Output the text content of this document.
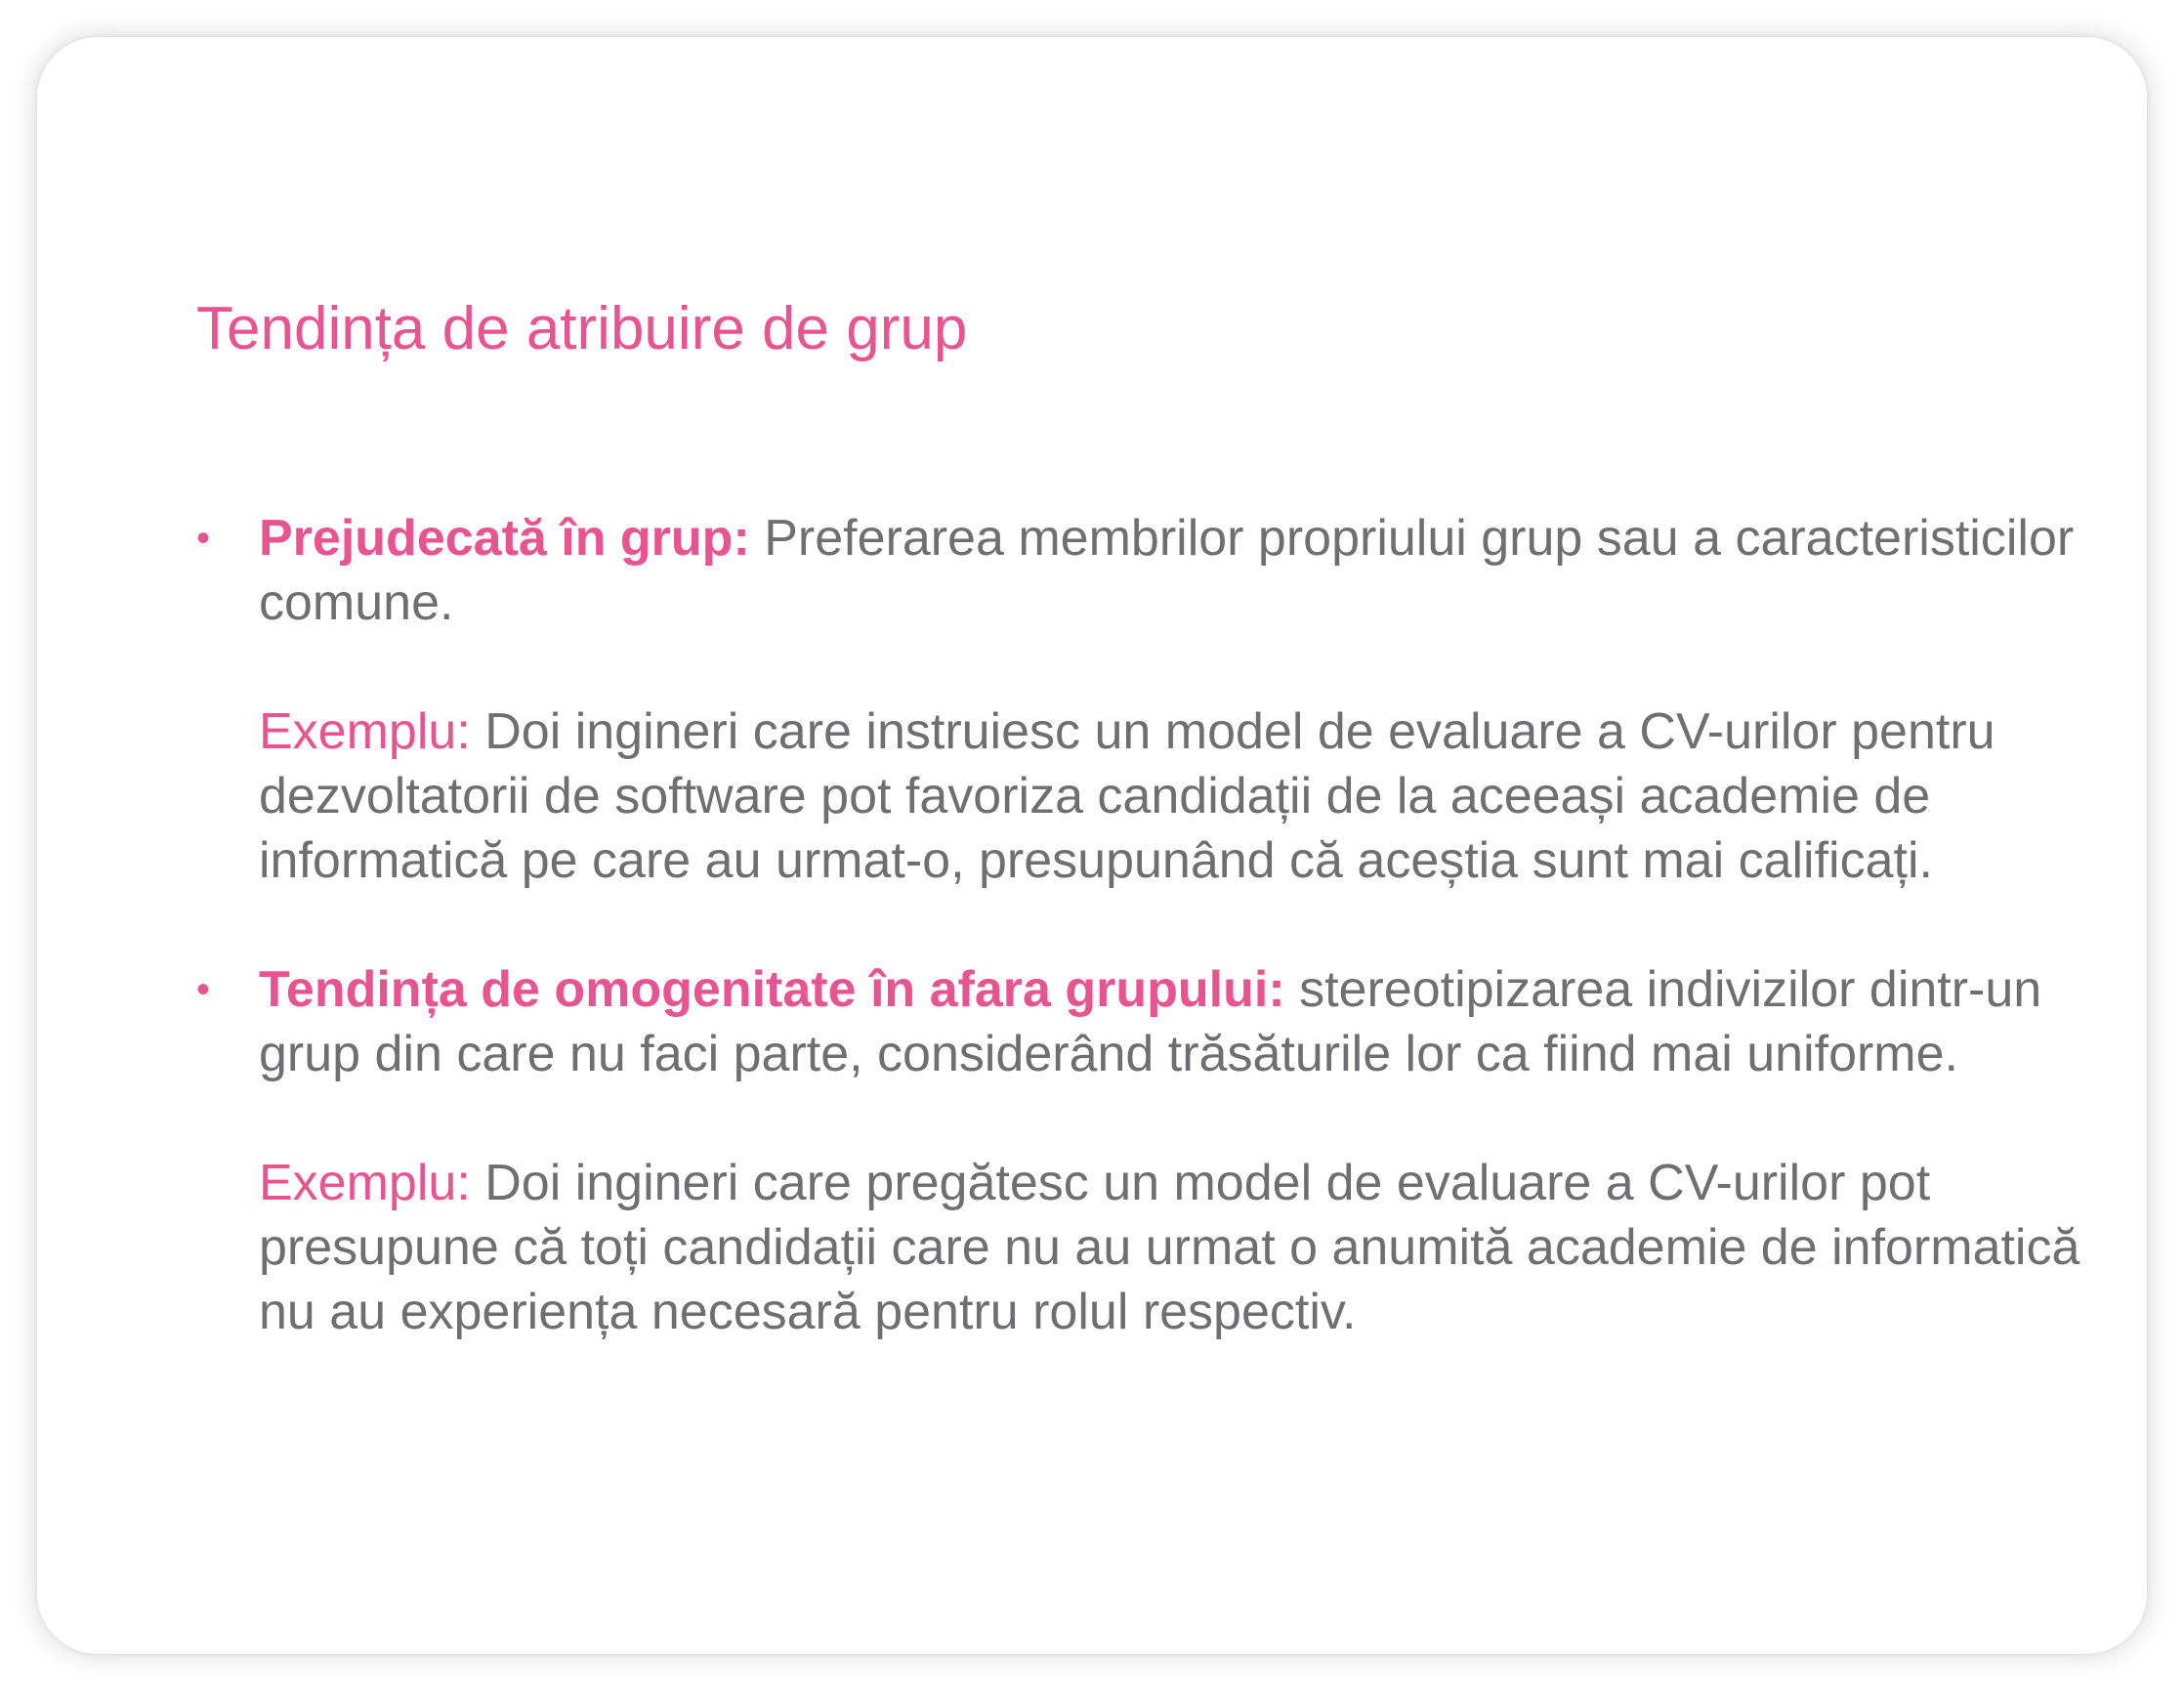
Tendința de atribuire de grup
• Prejudecată în grup: Preferarea membrilor propriului grup sau a caracteristicilor comune.

Exemplu: Doi ingineri care instruiesc un model de evaluare a CV-urilor pentru dezvoltatorii de software pot favoriza candidații de la aceeași academie de informatică pe care au urmat-o, presupunând că aceștia sunt mai calificați.

• Tendința de omogenitate în afara grupului: stereotipizarea indivizilor dintr-un grup din care nu faci parte, considerând trăsăturile lor ca fiind mai uniforme.

Exemplu: Doi ingineri care pregătesc un model de evaluare a CV-urilor pot presupune că toți candidații care nu au urmat o anumită academie de informatică nu au experiența necesară pentru rolul respectiv.
